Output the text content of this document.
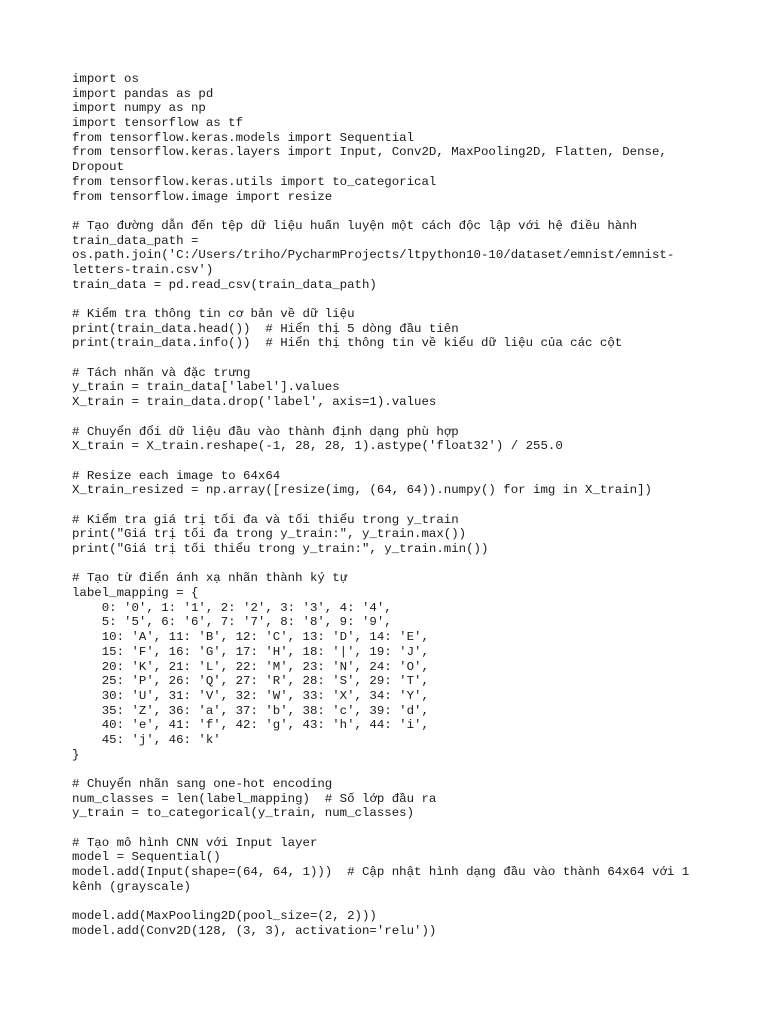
import os
import pandas as pd
import numpy as np
import tensorflow as tf
from tensorflow.keras.models import Sequential
from tensorflow.keras.layers import Input, Conv2D, MaxPooling2D, Flatten, Dense,
Dropout
from tensorflow.keras.utils import to_categorical
from tensorflow.image import resize
# Tạo đường dẫn đến tệp dữ liệu huấn luyện một cách độc lập với hệ điều hành
train_data_path =
os.path.join('C:/Users/triho/PycharmProjects/ltpython10-10/dataset/emnist/emnist-
letters-train.csv')
train_data = pd.read_csv(train_data_path)
# Kiểm tra thông tin cơ bản về dữ liệu
print(train_data.head())  # Hiển thị 5 dòng đầu tiên
print(train_data.info())  # Hiển thị thông tin về kiểu dữ liệu của các cột
# Tách nhãn và đặc trưng
y_train = train_data['label'].values
X_train = train_data.drop('label', axis=1).values
# Chuyển đổi dữ liệu đầu vào thành định dạng phù hợp
X_train = X_train.reshape(-1, 28, 28, 1).astype('float32') / 255.0
# Resize each image to 64x64
X_train_resized = np.array([resize(img, (64, 64)).numpy() for img in X_train])
# Kiểm tra giá trị tối đa và tối thiểu trong y_train
print("Giá trị tối đa trong y_train:", y_train.max())
print("Giá trị tối thiểu trong y_train:", y_train.min())
# Tạo từ điển ánh xạ nhãn thành ký tự
label_mapping = {
0: '0', 1: '1', 2: '2', 3: '3', 4: '4',
5: '5', 6: '6', 7: '7', 8: '8', 9: '9',
10: 'A', 11: 'B', 12: 'C', 13: 'D', 14: 'E',
15: 'F', 16: 'G', 17: 'H', 18: '|', 19: 'J',
20: 'K', 21: 'L', 22: 'M', 23: 'N', 24: 'O',
25: 'P', 26: 'Q', 27: 'R', 28: 'S', 29: 'T',
30: 'U', 31: 'V', 32: 'W', 33: 'X', 34: 'Y',
35: 'Z', 36: 'a', 37: 'b', 38: 'c', 39: 'd',
40: 'e', 41: 'f', 42: 'g', 43: 'h', 44: 'i',
45: 'j', 46: 'k'
}
# Chuyển nhãn sang one-hot encoding
num_classes = len(label_mapping)  # Số lớp đầu ra
y_train = to_categorical(y_train, num_classes)
# Tạo mô hình CNN với Input layer
model = Sequential()
model.add(Input(shape=(64, 64, 1)))  # Cập nhật hình dạng đầu vào thành 64x64 với 1
kênh (grayscale)
model.add(MaxPooling2D(pool_size=(2, 2)))
model.add(Conv2D(128, (3, 3), activation='relu'))
